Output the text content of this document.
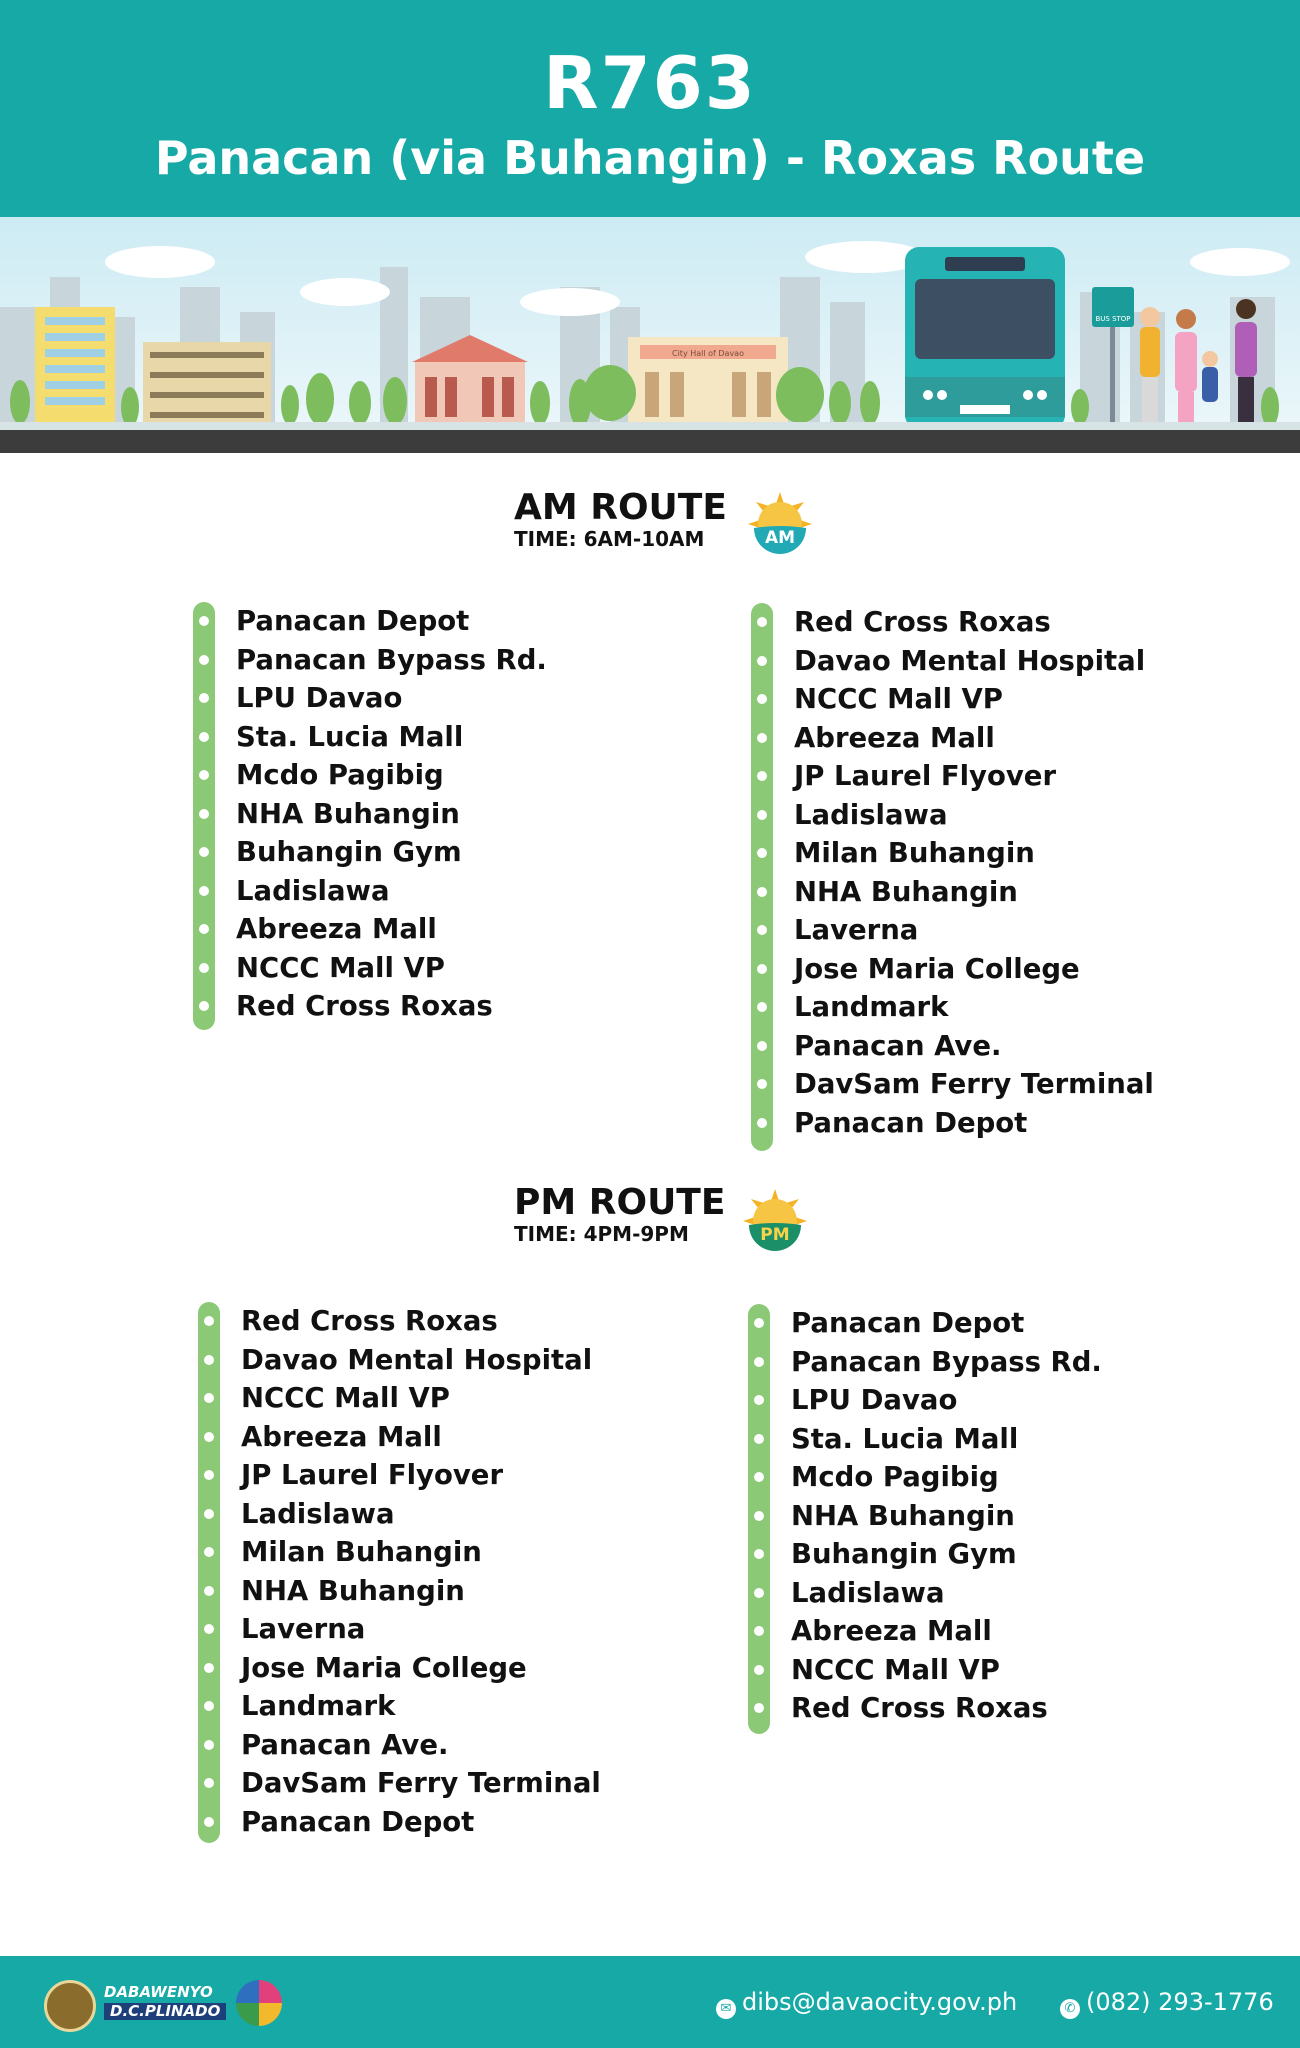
R763
Panacan (via Buhangin) - Roxas Route
City Hall of Davao
BUS STOP
AM ROUTE
TIME: 6AM-10AM	AM
Panacan Depot
Panacan Bypass Rd.
LPU Davao
Sta. Lucia Mall
Mcdo Pagibig
NHA Buhangin
Buhangin Gym
Ladislawa
Abreeza Mall
NCCC Mall VP
Red Cross Roxas
Red Cross Roxas
Davao Mental Hospital
NCCC Mall VP
Abreeza Mall
JP Laurel Flyover
Ladislawa
Milan Buhangin
NHA Buhangin
Laverna
Jose Maria College
Landmark
Panacan Ave.
DavSam Ferry Terminal
Panacan Depot
PM ROUTE
TIME: 4PM-9PM	PM
Red Cross Roxas
Davao Mental Hospital
NCCC Mall VP
Abreeza Mall
JP Laurel Flyover
Ladislawa
Milan Buhangin
NHA Buhangin
Laverna
Jose Maria College
Landmark
Panacan Ave.
DavSam Ferry Terminal
Panacan Depot
Panacan Depot
Panacan Bypass Rd.
LPU Davao
Sta. Lucia Mall
Mcdo Pagibig
NHA Buhangin
Buhangin Gym
Ladislawa
Abreeza Mall
NCCC Mall VP
Red Cross Roxas
DABAWENYO
D.C.PLINADO	✉ dibs@davaocity.gov.ph	✆ (082) 293-1776
